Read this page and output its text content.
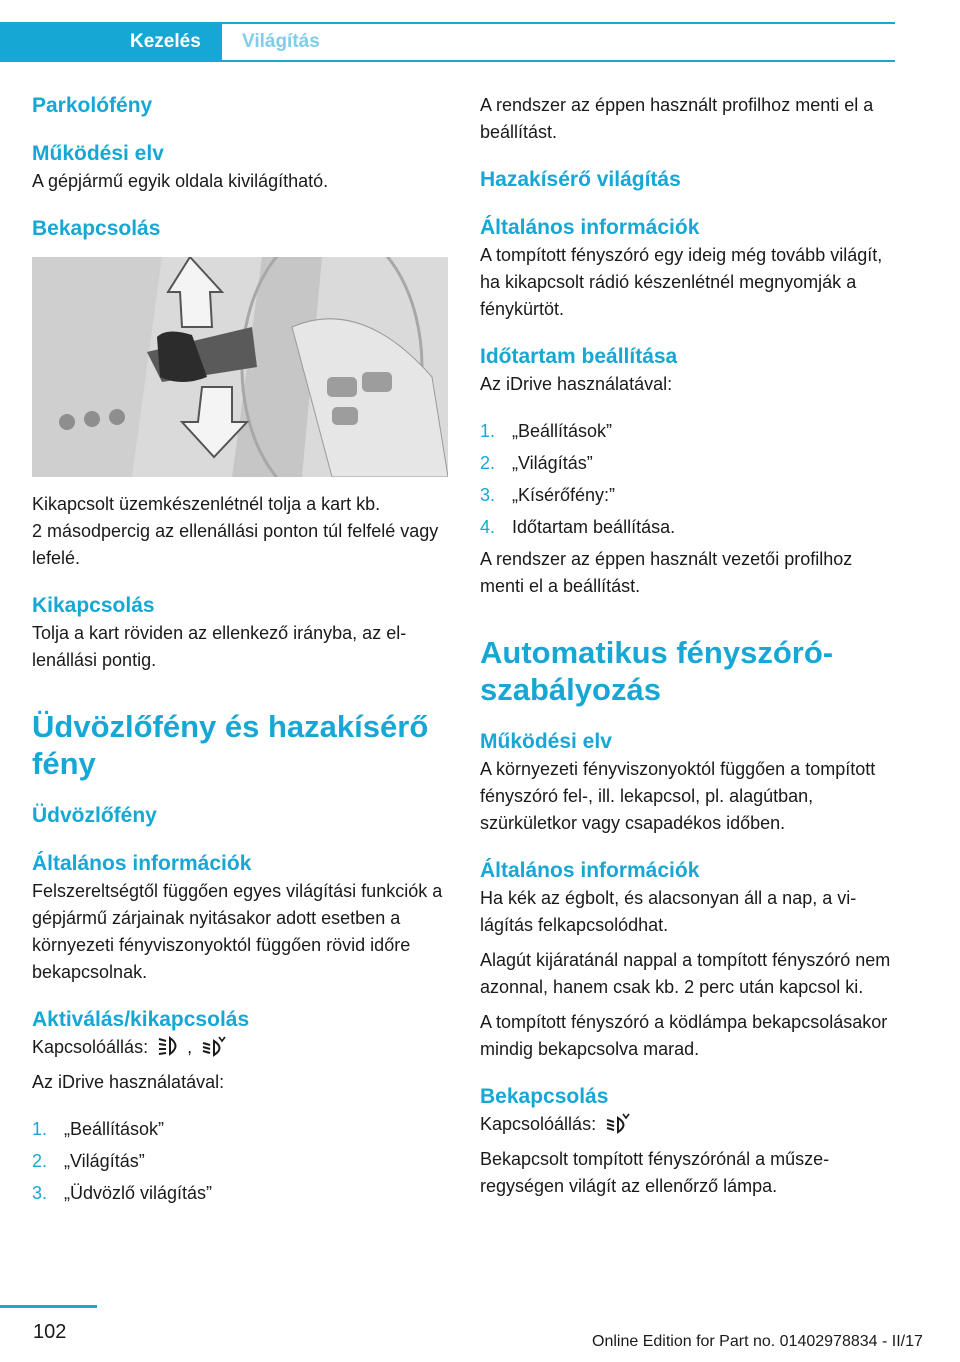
Kezelés	Világítás
Parkolófény
Működési elv

A gépjármű egyik oldala kivilágítható.

Bekapcsolás

Kikapcsolt üzemkészenlétnél tolja a kart kb.

2 másodpercig az ellenállási ponton túl felfelé vagy lefelé.

Kikapcsolás

Tolja a kart röviden az ellenkező irányba, az ellenállási pontig.

Üdvözlőfény és hazakísérő fény
Üdvözlőfény
Általános információk

Felszereltségtől függően egyes világítási funkciók a gépjármű zárjainak nyitásakor adott esetben a környezeti fényviszonyoktól függően rövid időre bekapcsolnak.

Aktiválás/kikapcsolás

Kapcsolóállás: ,

Az iDrive használatával:

1. „Beállítások”
2. „Világítás”
3. „Üdvözlő világítás”

A rendszer az éppen használt profilhoz menti el a beállítást.

Hazakísérő világítás
Általános információk

A tompított fényszóró egy ideig még tovább világít, ha kikapcsolt rádió készenlétnél megnyomják a fénykürtöt.

Időtartam beállítása

Az iDrive használatával:

1. „Beállítások”
2. „Világítás”
3. „Kísérőfény:”
4. Időtartam beállítása.

A rendszer az éppen használt vezetői profilhoz menti el a beállítást.

Automatikus fényszóró-szabályozás
Működési elv

A környezeti fényviszonyoktól függően a tompított fényszóró fel-, ill. lekapcsol, pl. alagútban, szürkületkor vagy csapadékos időben.

Általános információk

Ha kék az égbolt, és alacsonyan áll a nap, a világítás felkapcsolódhat.

Alagút kijáratánál nappal a tompított fényszóró nem azonnal, hanem csak kb. 2 perc után kapcsol ki.

A tompított fényszóró a ködlámpa bekapcsolásakor mindig bekapcsolva marad.

Bekapcsolás

Kapcsolóállás:

Bekapcsolt tompított fényszórónál a műszeregységen világít az ellenőrző lámpa.

102	Online Edition for Part no. 01402978834 - II/17
